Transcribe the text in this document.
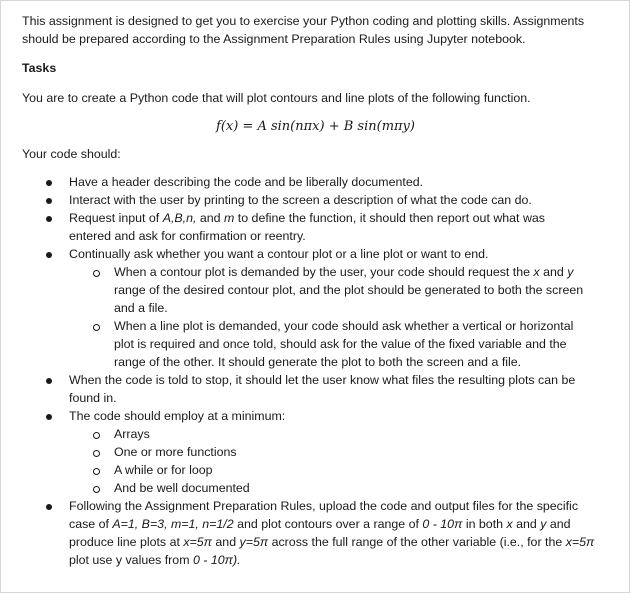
This assignment is designed to get you to exercise your Python coding and plotting skills. Assignments
should be prepared according to the Assignment Preparation Rules using Jupyter notebook.
Tasks
You are to create a Python code that will plot contours and line plots of the following function.
f(x) = A sin(nπx) + B sin(mπy)
Your code should:
Have a header describing the code and be liberally documented.
Interact with the user by printing to the screen a description of what the code can do.
Request input of A,B,n, and m to define the function, it should then report out what was
entered and ask for confirmation or reentry.
Continually ask whether you want a contour plot or a line plot or want to end.
When a contour plot is demanded by the user, your code should request the x and y
range of the desired contour plot, and the plot should be generated to both the screen
and a file.
When a line plot is demanded, your code should ask whether a vertical or horizontal
plot is required and once told, should ask for the value of the fixed variable and the
range of the other. It should generate the plot to both the screen and a file.
When the code is told to stop, it should let the user know what files the resulting plots can be
found in.
The code should employ at a minimum:
Arrays
One or more functions
A while or for loop
And be well documented
Following the Assignment Preparation Rules, upload the code and output files for the specific
case of A=1, B=3, m=1, n=1/2 and plot contours over a range of 0 - 10π in both x and y and
produce line plots at x=5π and y=5π across the full range of the other variable (i.e., for the x=5π
plot use y values from 0 - 10π).
